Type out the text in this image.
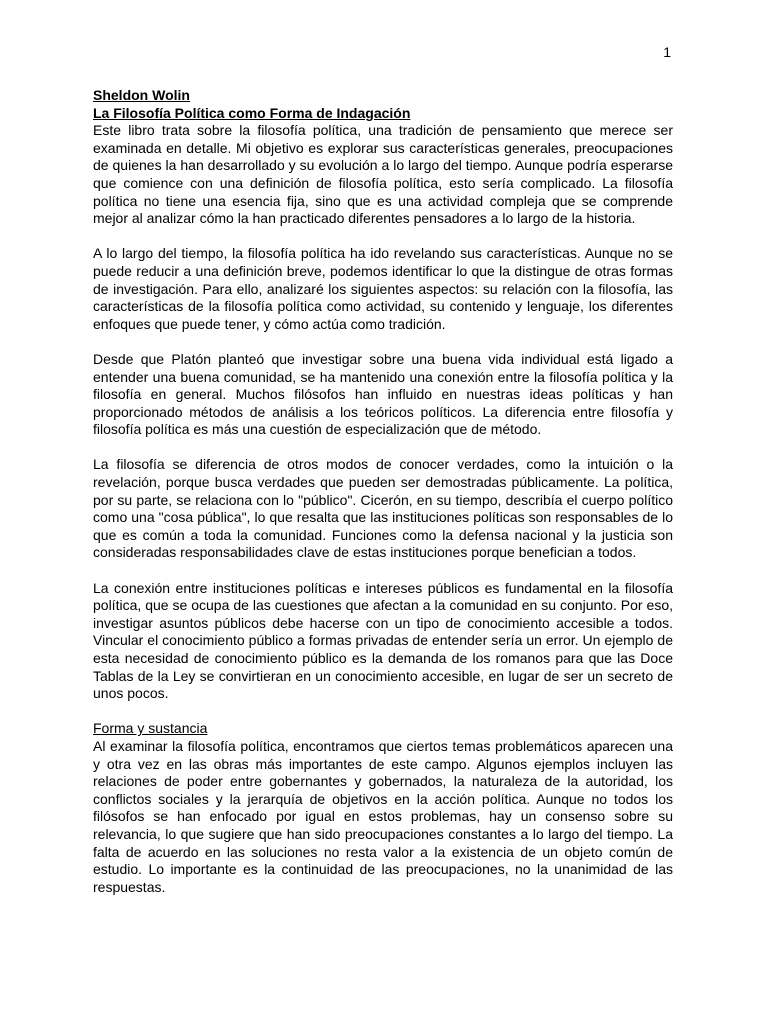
1
Sheldon Wolin
La Filosofía Política como Forma de Indagación

Este libro trata sobre la filosofía política, una tradición de pensamiento que merece ser examinada en detalle. Mi objetivo es explorar sus características generales, preocupaciones de quienes la han desarrollado y su evolución a lo largo del tiempo. Aunque podría esperarse que comience con una definición de filosofía política, esto sería complicado. La filosofía política no tiene una esencia fija, sino que es una actividad compleja que se comprende mejor al analizar cómo la han practicado diferentes pensadores a lo largo de la historia.

A lo largo del tiempo, la filosofía política ha ido revelando sus características. Aunque no se puede reducir a una definición breve, podemos identificar lo que la distingue de otras formas de investigación. Para ello, analizaré los siguientes aspectos: su relación con la filosofía, las características de la filosofía política como actividad, su contenido y lenguaje, los diferentes enfoques que puede tener, y cómo actúa como tradición.

Desde que Platón planteó que investigar sobre una buena vida individual está ligado a entender una buena comunidad, se ha mantenido una conexión entre la filosofía política y la filosofía en general. Muchos filósofos han influido en nuestras ideas políticas y han proporcionado métodos de análisis a los teóricos políticos. La diferencia entre filosofía y filosofía política es más una cuestión de especialización que de método.

La filosofía se diferencia de otros modos de conocer verdades, como la intuición o la revelación, porque busca verdades que pueden ser demostradas públicamente. La política, por su parte, se relaciona con lo "público". Cicerón, en su tiempo, describía el cuerpo político como una "cosa pública", lo que resalta que las instituciones políticas son responsables de lo que es común a toda la comunidad. Funciones como la defensa nacional y la justicia son consideradas responsabilidades clave de estas instituciones porque benefician a todos.

La conexión entre instituciones políticas e intereses públicos es fundamental en la filosofía política, que se ocupa de las cuestiones que afectan a la comunidad en su conjunto. Por eso, investigar asuntos públicos debe hacerse con un tipo de conocimiento accesible a todos. Vincular el conocimiento público a formas privadas de entender sería un error. Un ejemplo de esta necesidad de conocimiento público es la demanda de los romanos para que las Doce Tablas de la Ley se convirtieran en un conocimiento accesible, en lugar de ser un secreto de unos pocos.

Forma y sustancia

Al examinar la filosofía política, encontramos que ciertos temas problemáticos aparecen una y otra vez en las obras más importantes de este campo. Algunos ejemplos incluyen las relaciones de poder entre gobernantes y gobernados, la naturaleza de la autoridad, los conflictos sociales y la jerarquía de objetivos en la acción política. Aunque no todos los filósofos se han enfocado por igual en estos problemas, hay un consenso sobre su relevancia, lo que sugiere que han sido preocupaciones constantes a lo largo del tiempo. La falta de acuerdo en las soluciones no resta valor a la existencia de un objeto común de estudio. Lo importante es la continuidad de las preocupaciones, no la unanimidad de las respuestas.
